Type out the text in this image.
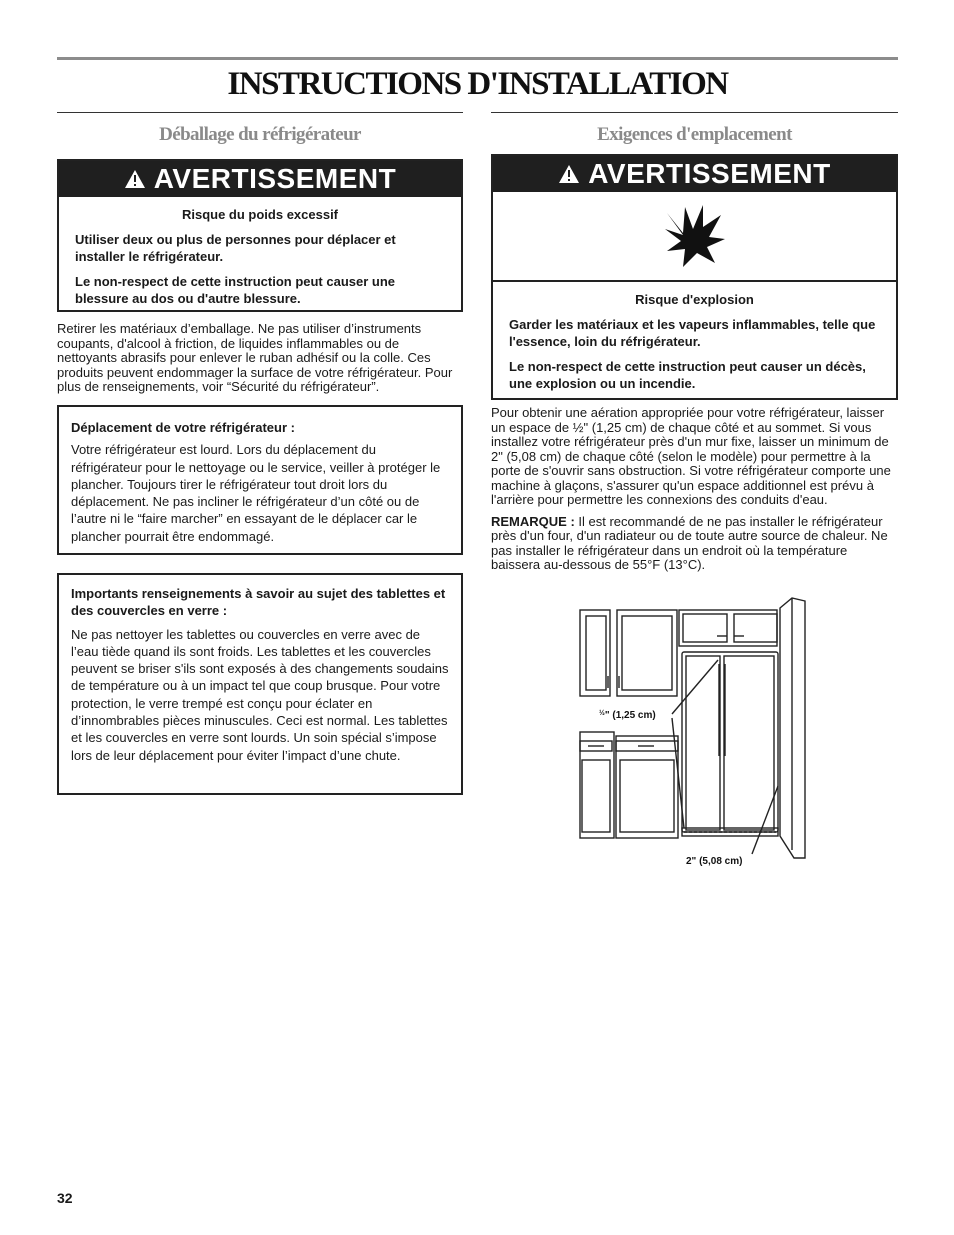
INSTRUCTIONS D'INSTALLATION
Déballage du réfrigérateur
AVERTISSEMENT
Risque du poids excessif

Utiliser deux ou plus de personnes pour déplacer et installer le réfrigérateur.

Le non-respect de cette instruction peut causer une blessure au dos ou d'autre blessure.

Retirer les matériaux d’emballage. Ne pas utiliser d’instruments coupants, d'alcool à friction, de liquides inflammables ou de nettoyants abrasifs pour enlever le ruban adhésif ou la colle. Ces produits peuvent endommager la surface de votre réfrigérateur. Pour plus de renseignements, voir “Sécurité du réfrigérateur”.

Déplacement de votre réfrigérateur :
Votre réfrigérateur est lourd. Lors du déplacement du réfrigérateur pour le nettoyage ou le service, veiller à protéger le plancher. Toujours tirer le réfrigérateur tout droit lors du déplacement. Ne pas incliner le réfrigérateur d’un côté ou de l’autre ni le “faire marcher” en essayant de le déplacer car le plancher pourrait être endommagé.
Importants renseignements à savoir au sujet des tablettes et des couvercles en verre :
Ne pas nettoyer les tablettes ou couvercles en verre avec de l’eau tiède quand ils sont froids. Les tablettes et les couvercles peuvent se briser s'ils sont exposés à des changements soudains de température ou à un impact tel que coup brusque. Pour votre protection, le verre trempé est conçu pour éclater en d’innombrables pièces minuscules. Ceci est normal. Les tablettes et les couvercles en verre sont lourds. Un soin spécial s’impose lors de leur déplacement pour éviter l’impact d’une chute.
Exigences d'emplacement
AVERTISSEMENT
Risque d'explosion

Garder les matériaux et les vapeurs inflammables, telle que l'essence, loin du réfrigérateur.

Le non-respect de cette instruction peut causer un décès, une explosion ou un incendie.

Pour obtenir une aération appropriée pour votre réfrigérateur, laisser un espace de ½" (1,25 cm) de chaque côté et au sommet. Si vous installez votre réfrigérateur près d'un mur fixe, laisser un minimum de 2" (5,08 cm) de chaque côté (selon le modèle) pour permettre à la porte de s'ouvrir sans obstruction. Si votre réfrigérateur comporte une machine à glaçons, s'assurer qu'un espace additionnel est prévu à l'arrière pour permettre les connexions des conduits d'eau.

REMARQUE : Il est recommandé de ne pas installer le réfrigérateur près d'un four, d'un radiateur ou de toute autre source de chaleur. Ne pas installer le réfrigérateur dans un endroit où la température baissera au-dessous de 55°F (13°C).

$^{\frac{1}{2}}$" (1,25 cm)
2" (5,08 cm)
32
